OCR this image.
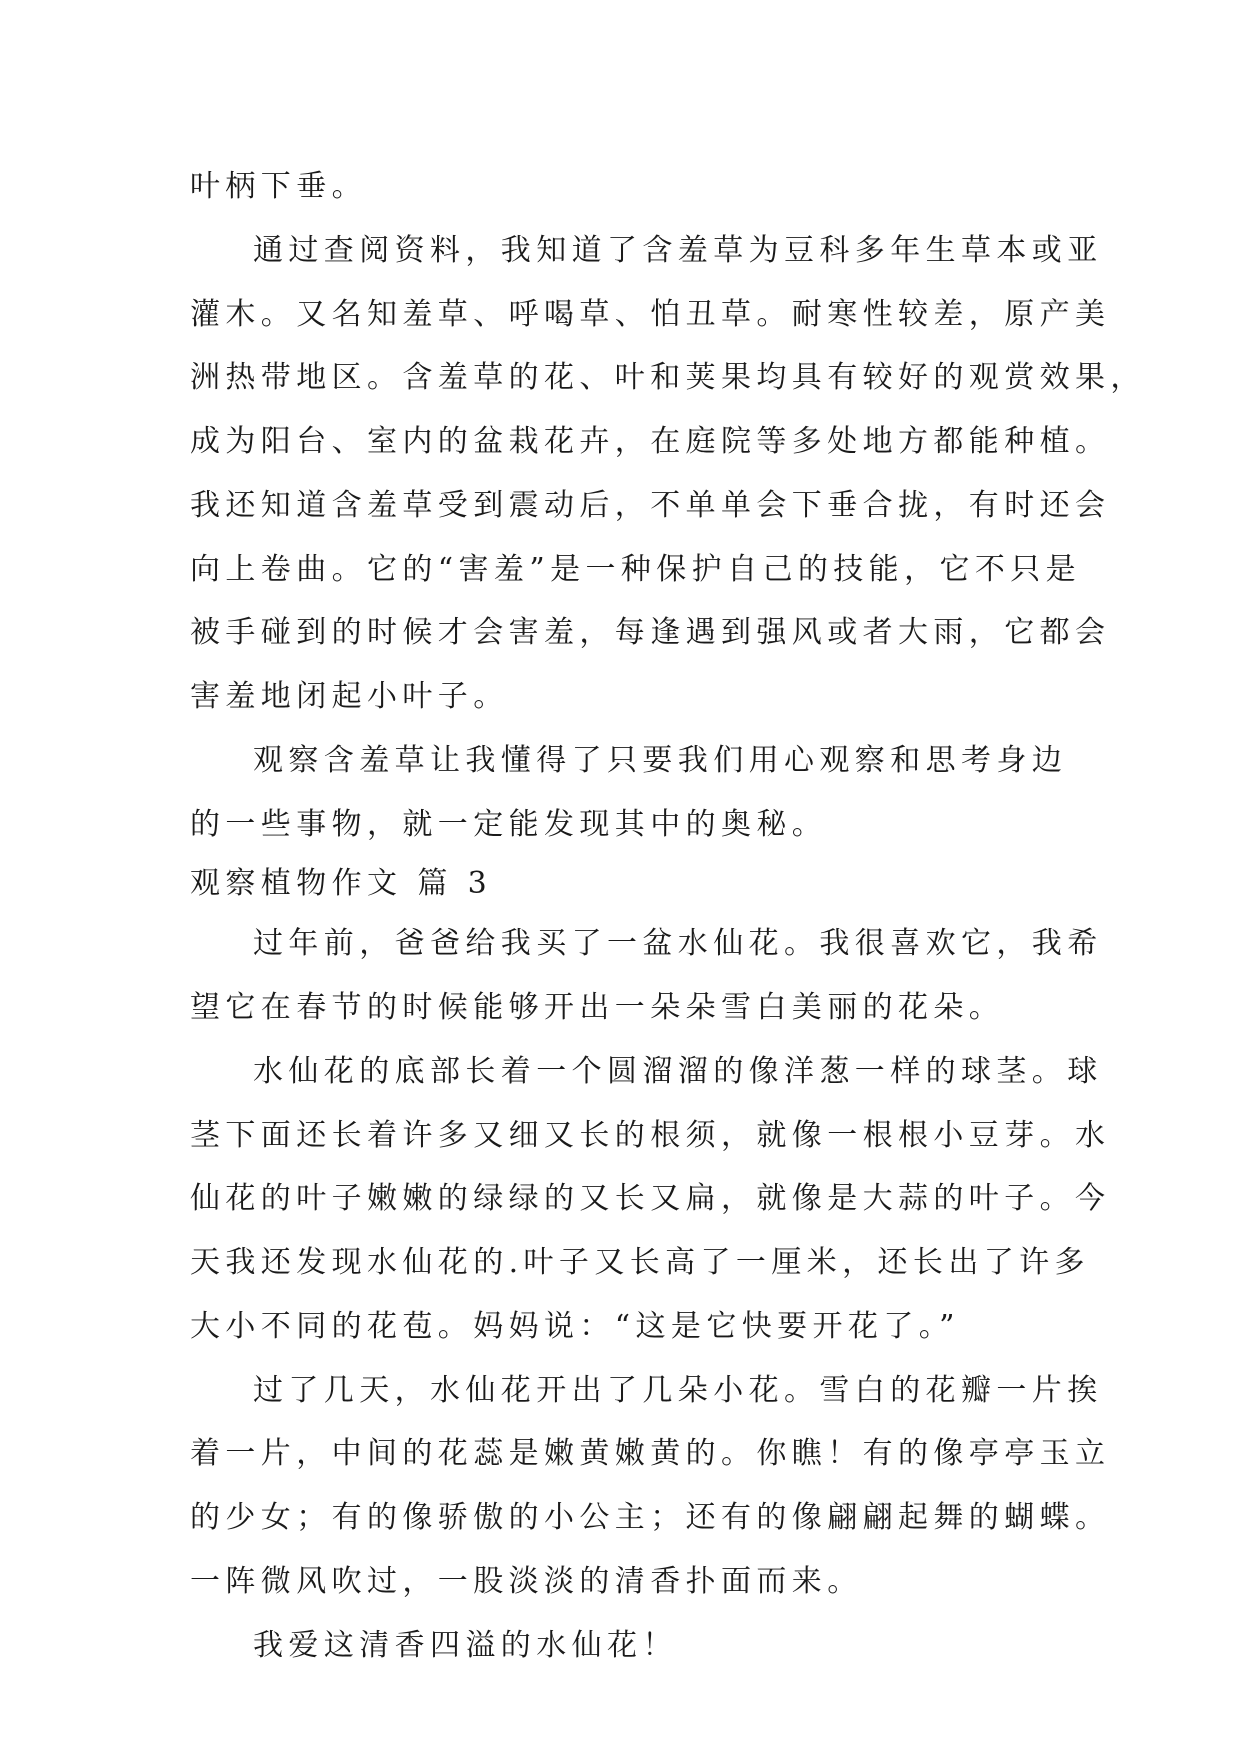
叶柄下垂。
通过查阅资料，我知道了含羞草为豆科多年生草本或亚
灌木。又名知羞草、呼喝草、怕丑草。耐寒性较差，原产美
洲热带地区。含羞草的花、叶和荚果均具有较好的观赏效果，
成为阳台、室内的盆栽花卉，在庭院等多处地方都能种植。
我还知道含羞草受到震动后，不单单会下垂合拢，有时还会
向上卷曲。它的“害羞”是一种保护自己的技能，它不只是
被手碰到的时候才会害羞，每逢遇到强风或者大雨，它都会
害羞地闭起小叶子。
观察含羞草让我懂得了只要我们用心观察和思考身边
的一些事物，就一定能发现其中的奥秘。
观察植物作文 篇 3
过年前，爸爸给我买了一盆水仙花。我很喜欢它，我希
望它在春节的时候能够开出一朵朵雪白美丽的花朵。
水仙花的底部长着一个圆溜溜的像洋葱一样的球茎。球
茎下面还长着许多又细又长的根须，就像一根根小豆芽。水
仙花的叶子嫩嫩的绿绿的又长又扁，就像是大蒜的叶子。今
天我还发现水仙花的.叶子又长高了一厘米，还长出了许多
大小不同的花苞。妈妈说：“这是它快要开花了。”
过了几天，水仙花开出了几朵小花。雪白的花瓣一片挨
着一片，中间的花蕊是嫩黄嫩黄的。你瞧！有的像亭亭玉立
的少女；有的像骄傲的小公主；还有的像翩翩起舞的蝴蝶。
一阵微风吹过，一股淡淡的清香扑面而来。
我爱这清香四溢的水仙花！
